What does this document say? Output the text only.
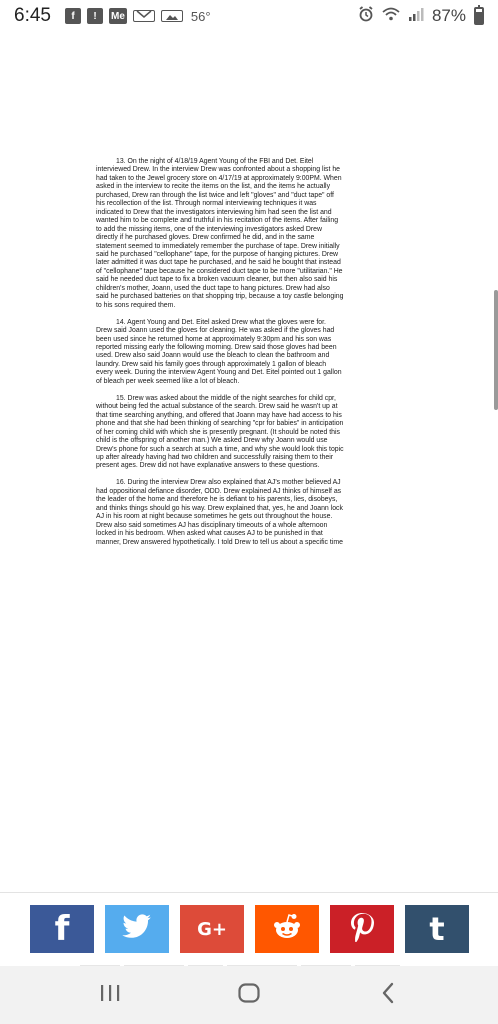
6:45	f	!	Me	56°	87%
13. On the night of 4/18/19 Agent Young of the FBI and Det. Eitel
interviewed Drew. In the interview Drew was confronted about a shopping list he
had taken to the Jewel grocery store on 4/17/19 at approximately 9:00PM. When
asked in the interview to recite the items on the list, and the items he actually
purchased, Drew ran through the list twice and left "gloves" and "duct tape" off
his recollection of the list. Through normal interviewing techniques it was
indicated to Drew that the investigators interviewing him had seen the list and
wanted him to be complete and truthful in his recitation of the items. After failing
to add the missing items, one of the interviewing investigators asked Drew
directly if he purchased gloves. Drew confirmed he did, and in the same
statement seemed to immediately remember the purchase of tape. Drew initially
said he purchased "cellophane" tape, for the purpose of hanging pictures. Drew
later admitted it was duct tape he purchased, and he said he bought that instead
of "cellophane" tape because he considered duct tape to be more "utilitarian." He
said he needed duct tape to fix a broken vacuum cleaner, but then also said his
children's mother, Joann, used the duct tape to hang pictures. Drew had also
said he purchased batteries on that shopping trip, because a toy castle belonging
to his sons required them.
14. Agent Young and Det. Eitel asked Drew what the gloves were for.
Drew said Joann used the gloves for cleaning. He was asked if the gloves had
been used since he returned home at approximately 9:30pm and his son was
reported missing early the following morning. Drew said those gloves had been
used. Drew also said Joann would use the bleach to clean the bathroom and
laundry. Drew said his family goes through approximately 1 gallon of bleach
every week. During the interview Agent Young and Det. Eitel pointed out 1 gallon
of bleach per week seemed like a lot of bleach.
15. Drew was asked about the middle of the night searches for child cpr,
without being fed the actual substance of the search. Drew said he wasn't up at
that time searching anything, and offered that Joann may have had access to his
phone and that she had been thinking of searching "cpr for babies" in anticipation
of her coming child with which she is presently pregnant. (It should be noted this
child is the offspring of another man.) We asked Drew why Joann would use
Drew's phone for such a search at such a time, and why she would look this topic
up after already having had two children and successfully raising them to their
present ages. Drew did not have explanative answers to these questions.
16. During the interview Drew also explained that AJ's mother believed AJ
had oppositional defiance disorder, ODD. Drew explained AJ thinks of himself as
the leader of the home and therefore he is defiant to his parents, lies, disobeys,
and thinks things should go his way. Drew explained that, yes, he and Joann lock
AJ in his room at night because sometimes he gets out throughout the house.
Drew also said sometimes AJ has disciplinary timeouts of a whole afternoon
locked in his bedroom. When asked what causes AJ to be punished in that
manner, Drew answered hypothetically. I told Drew to tell us about a specific time
f	G+	t
